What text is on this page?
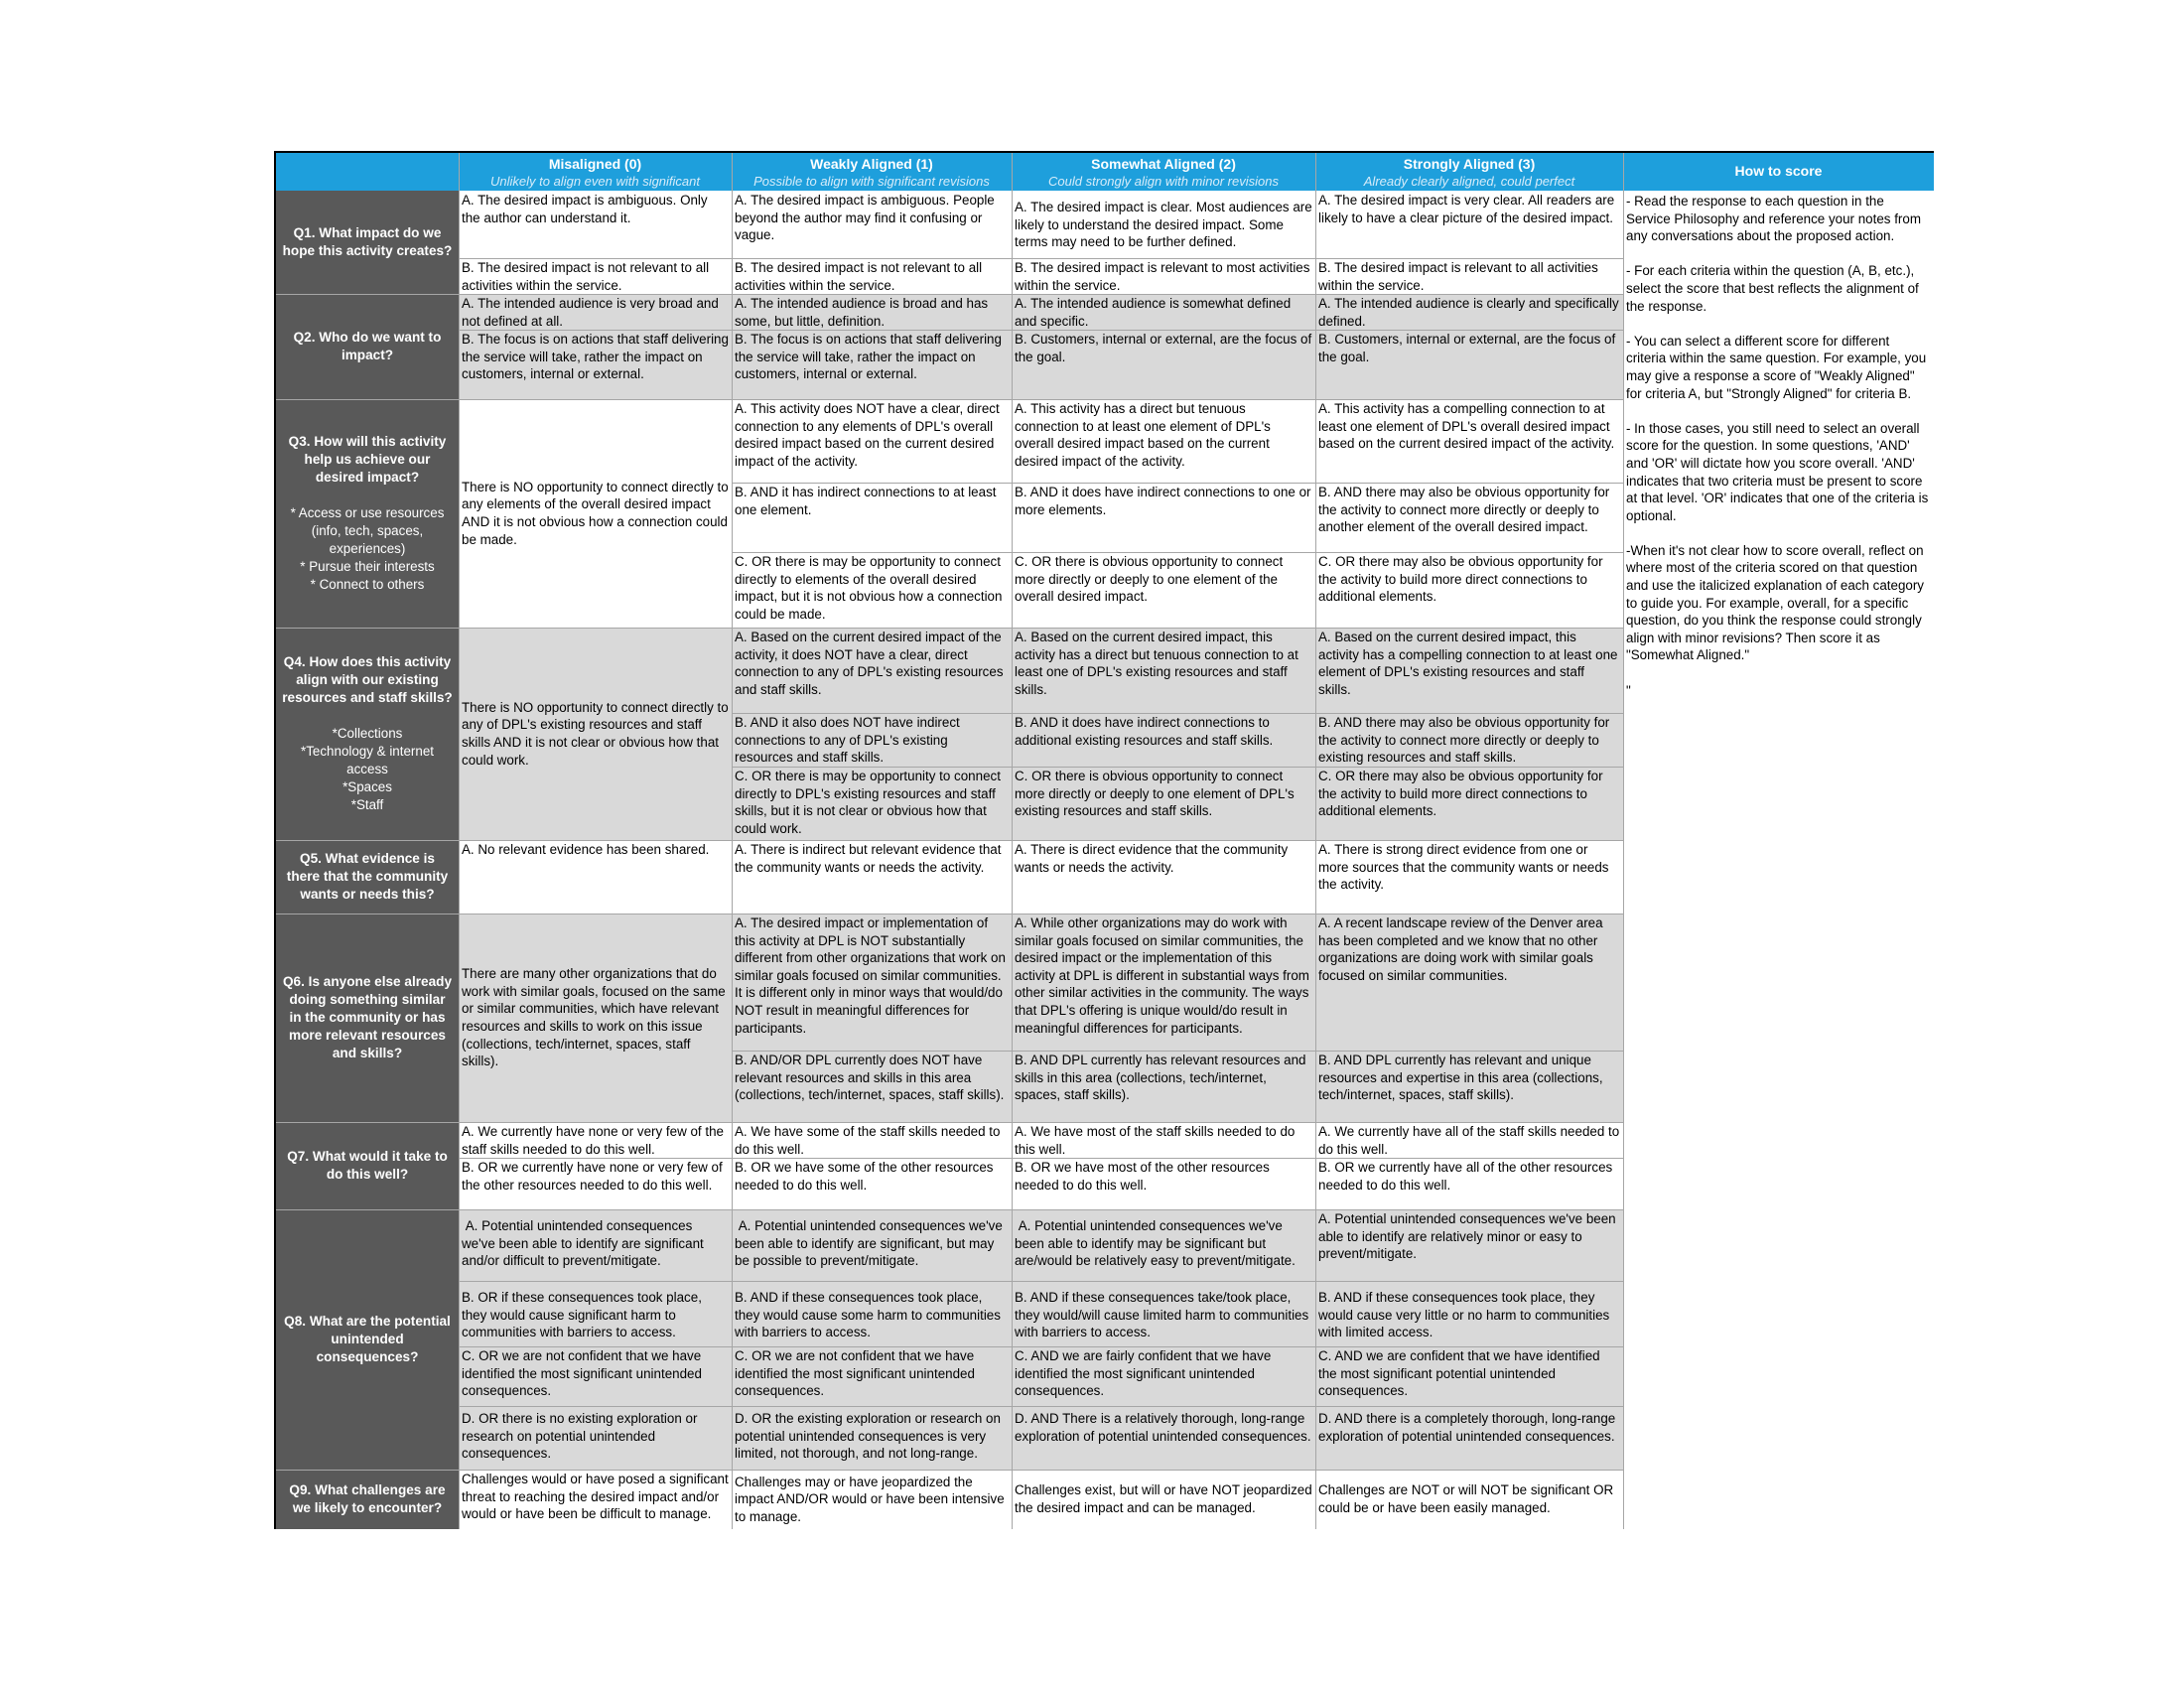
Misaligned (0)
Unlikely to align even with significant
Weakly Aligned (1)
Possible to align with significant revisions
Somewhat Aligned (2)
Could strongly align with minor revisions
Strongly Aligned (3)
Already clearly aligned, could perfect
How to score
Q1. What impact do we hope this activity creates?
Q2. Who do we want to impact?
Q3. How will this activity help us achieve our desired impact?
* Access or use resources (info, tech, spaces, experiences)
* Pursue their interests
* Connect to others
Q4. How does this activity align with our existing resources and staff skills?
*Collections
*Technology & internet access
*Spaces
*Staff
Q5. What evidence is there that the community wants or needs this?
Q6. Is anyone else already doing something similar in the community or has more relevant resources and skills?
Q7. What would it take to do this well?
Q8. What are the potential unintended consequences?
Q9. What challenges are we likely to encounter?
A. The desired impact is ambiguous. Only the author can understand it.
A. The desired impact is ambiguous. People beyond the author may find it confusing or vague.
A. The desired impact is clear. Most audiences are likely to understand the desired impact. Some terms may need to be further defined.
A. The desired impact is very clear. All readers are likely to have a clear picture of the desired impact.
B. The desired impact is not relevant to all activities within the service.
B. The desired impact is not relevant to all activities within the service.
B. The desired impact is relevant to most activities within the service.
B. The desired impact is relevant to all activities within the service.
A. The intended audience is very broad and not defined at all.
A. The intended audience is broad and has some, but little, definition.
A. The intended audience is somewhat defined and specific.
A. The intended audience is clearly and specifically defined.
B. The focus is on actions that staff delivering the service will take, rather the impact on customers, internal or external.
B. The focus is on actions that staff delivering the service will take, rather the impact on customers, internal or external.
B. Customers, internal or external, are the focus of the goal.
B. Customers, internal or external, are the focus of the goal.
There is NO opportunity to connect directly to any elements of the overall desired impact AND it is not obvious how a connection could be made.
A. This activity does NOT have a clear, direct connection to any elements of DPL's overall desired impact based on the current desired impact of the activity.
A. This activity has a direct but tenuous connection to at least one element of DPL's overall desired impact based on the current desired impact of the activity.
A. This activity has a compelling connection to at least one element of DPL's overall desired impact based on the current desired impact of the activity.
B. AND it has indirect connections to at least one element.
B. AND it does have indirect connections to one or more elements.
B. AND there may also be obvious opportunity for the activity to connect more directly or deeply to another element of the overall desired impact.
C. OR there is may be opportunity to connect directly to elements of the overall desired impact, but it is not obvious how a connection could be made.
C. OR there is obvious opportunity to connect more directly or deeply to one element of the overall desired impact.
C. OR there may also be obvious opportunity for the activity to build more direct connections to additional elements.
There is NO opportunity to connect directly to any of DPL's existing resources and staff skills AND it is not clear or obvious how that could work.
A. Based on the current desired impact of the activity, it does NOT have a clear, direct connection to any of DPL's existing resources and staff skills.
A. Based on the current desired impact, this activity has a direct but tenuous connection to at least one of DPL's existing resources and staff skills.
A. Based on the current desired impact, this activity has a compelling connection to at least one element of DPL's existing resources and staff skills.
B. AND it also does NOT have indirect connections to any of DPL's existing resources and staff skills.
B. AND it does have indirect connections to additional existing resources and staff skills.
B. AND there may also be obvious opportunity for the activity to connect more directly or deeply to existing resources and staff skills.
C. OR there is may be opportunity to connect directly to DPL's existing resources and staff skills, but it is not clear or obvious how that could work.
C. OR there is obvious opportunity to connect more directly or deeply to one element of DPL's existing resources and staff skills.
C. OR there may also be obvious opportunity for the activity to build more direct connections to additional elements.
A. No relevant evidence has been shared.	A. There is indirect but relevant evidence that the community wants or needs the activity.
A. There is direct evidence that the community wants or needs the activity.
A. There is strong direct evidence from one or more sources that the community wants or needs the activity.
There are many other organizations that do work with similar goals, focused on the same or similar communities, which have relevant resources and skills to work on this issue (collections, tech/internet, spaces, staff skills).
A. The desired impact or implementation of this activity at DPL is NOT substantially different from other organizations that work on similar goals focused on similar communities. It is different only in minor ways that would/do NOT result in meaningful differences for participants.
A. While other organizations may do work with similar goals focused on similar communities, the desired impact or the implementation of this activity at DPL is different in substantial ways from other similar activities in the community. The ways that DPL's offering is unique would/do result in meaningful differences for participants.
A. A recent landscape review of the Denver area has been completed and we know that no other organizations are doing work with similar goals focused on similar communities.
B. AND/OR DPL currently does NOT have relevant resources and skills in this area (collections, tech/internet, spaces, staff skills).
B. AND DPL currently has relevant resources and skills in this area (collections, tech/internet, spaces, staff skills).
B. AND DPL currently has relevant and unique resources and expertise in this area (collections, tech/internet, spaces, staff skills).
A. We currently have none or very few of the staff skills needed to do this well.
A. We have some of the staff skills needed to do this well.
A. We have most of the staff skills needed to do this well.
A. We currently have all of the staff skills needed to do this well.
B. OR we currently have none or very few of the other resources needed to do this well.
B. OR we have some of the other resources needed to do this well.
B. OR we have most of the other resources needed to do this well.
B. OR we currently have all of the other resources needed to do this well.
A. Potential unintended consequences we've been able to identify are significant and/or difficult to prevent/mitigate.
A. Potential unintended consequences we've been able to identify are significant, but may be possible to prevent/mitigate.
A. Potential unintended consequences we've been able to identify may be significant but are/would be relatively easy to prevent/mitigate.
A. Potential unintended consequences we've been able to identify are relatively minor or easy to prevent/mitigate.
B. OR if these consequences took place, they would cause significant harm to communities with barriers to access.
B. AND if these consequences took place, they would cause some harm to communities with barriers to access.
B. AND if these consequences take/took place, they would/will cause limited harm to communities with barriers to access.
B. AND if these consequences took place, they would cause very little or no harm to communities with limited access.
C. OR we are not confident that we have identified the most significant unintended consequences.
C. OR we are not confident that we have identified the most significant unintended consequences.
C. AND we are fairly confident that we have identified the most significant unintended consequences.
C. AND we are confident that we have identified the most significant potential unintended consequences.
D. OR there is no existing exploration or research on potential unintended consequences.
D. OR the existing exploration or research on potential unintended consequences is very limited, not thorough, and not long-range.
D. AND There is a relatively thorough, long-range exploration of potential unintended consequences.
D. AND there is a completely thorough, long-range exploration of potential unintended consequences.
Challenges would or have posed a significant threat to reaching the desired impact and/or would or have been be difficult to manage.
Challenges may or have jeopardized the impact AND/OR would or have been intensive to manage.
Challenges exist, but will or have NOT jeopardized the desired impact and can be managed.
Challenges are NOT or will NOT be significant OR could be or have been easily managed.

- Read the response to each question in the Service Philosophy and reference your notes from any conversations about the proposed action.

- For each criteria within the question (A, B, etc.), select the score that best reflects the alignment of the response.

- You can select a different score for different criteria within the same question. For example, you may give a response a score of "Weakly Aligned" for criteria A, but "Strongly Aligned" for criteria B.

- In those cases, you still need to select an overall score for the question. In some questions, 'AND' and 'OR' will dictate how you score overall. 'AND' indicates that two criteria must be present to score at that level. 'OR' indicates that one of the criteria is optional.

-When it's not clear how to score overall, reflect on where most of the criteria scored on that question and use the italicized explanation of each category to guide you. For example, overall, for a specific question, do you think the response could strongly align with minor revisions? Then score it as "Somewhat Aligned."

"
